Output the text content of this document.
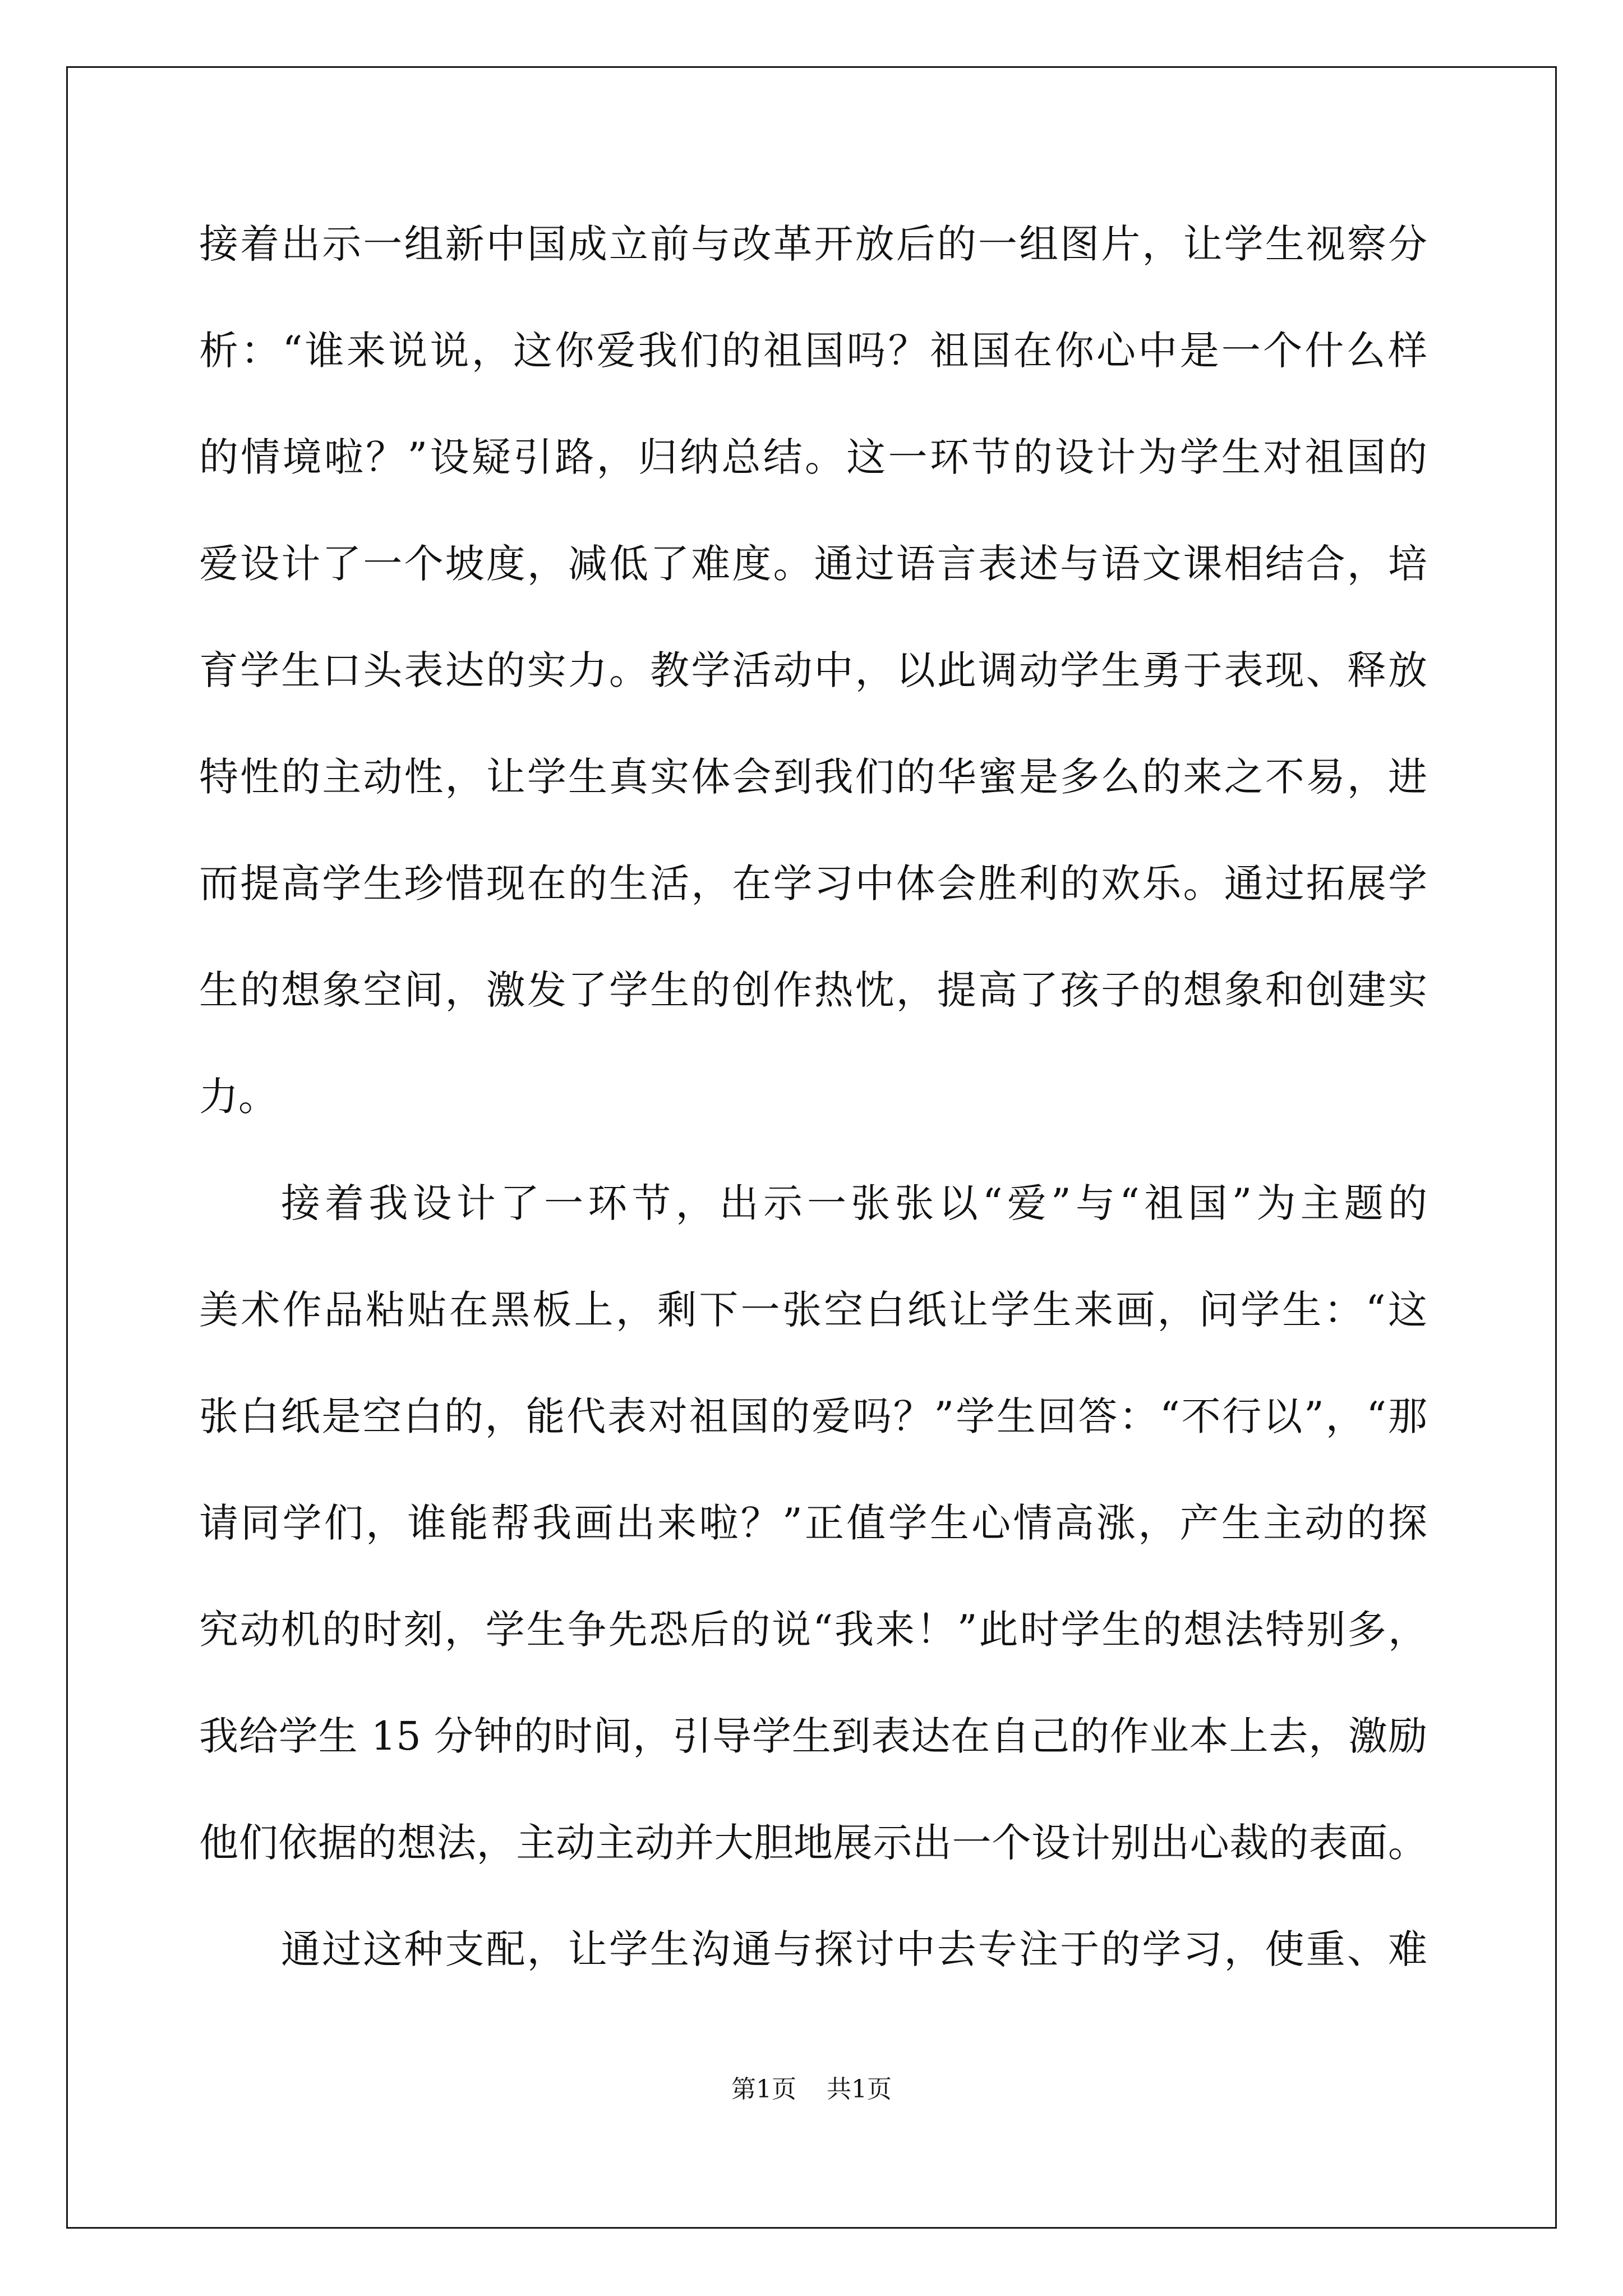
接着出示一组新中国成立前与改革开放后的一组图片，让学生视察分
析：“谁来说说，这你爱我们的祖国吗？祖国在你心中是一个什么样
的情境啦？”设疑引路，归纳总结。这一环节的设计为学生对祖国的
爱设计了一个坡度，减低了难度。通过语言表述与语文课相结合，培
育学生口头表达的实力。教学活动中，以此调动学生勇于表现、释放
特性的主动性，让学生真实体会到我们的华蜜是多么的来之不易，进
而提高学生珍惜现在的生活，在学习中体会胜利的欢乐。通过拓展学
生的想象空间，激发了学生的创作热忱，提高了孩子的想象和创建实
力。
接着我设计了一环节，出示一张张以“爱”与“祖国”为主题的
美术作品粘贴在黑板上，剩下一张空白纸让学生来画，问学生：“这
张白纸是空白的，能代表对祖国的爱吗？”学生回答：“不行以”，“那
请同学们，谁能帮我画出来啦？”正值学生心情高涨，产生主动的探
究动机的时刻，学生争先恐后的说“我来！”此时学生的想法特别多，
我给学生 15 分钟的时间，引导学生到表达在自己的作业本上去，激励
他们依据的想法，主动主动并大胆地展示出一个设计别出心裁的表面。
通过这种支配，让学生沟通与探讨中去专注于的学习，使重、难
第1页 共1页
